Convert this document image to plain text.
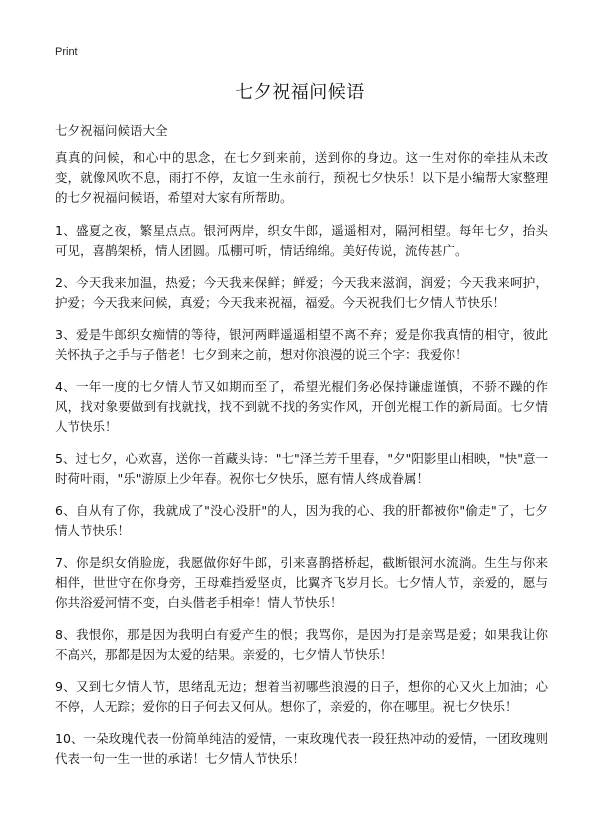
Print
七夕祝福问候语

七夕祝福问候语大全

真真的问候，和心中的思念，在七夕到来前，送到你的身边。这一生对你的牵挂从未改变，就像风吹不息，雨打不停，友谊一生永前行，预祝七夕快乐！以下是小编帮大家整理的七夕祝福问候语，希望对大家有所帮助。

1、盛夏之夜，繁星点点。银河两岸，织女牛郎，遥遥相对，隔河相望。每年七夕，抬头可见，喜鹊架桥，情人团圆。瓜棚可听，情话绵绵。美好传说，流传甚广。

2、今天我来加温，热爱；今天我来保鲜；鲜爱；今天我来滋润，润爱；今天我来呵护，护爱；今天我来问候，真爱；今天我来祝福，福爱。今天祝我们七夕情人节快乐！

3、爱是牛郎织女痴情的等待，银河两畔遥遥相望不离不弃；爱是你我真情的相守，彼此关怀执子之手与子偕老！七夕到来之前，想对你浪漫的说三个字：我爱你！

4、一年一度的七夕情人节又如期而至了，希望光棍们务必保持谦虚谨慎，不骄不躁的作风，找对象要做到有找就找，找不到就不找的务实作风，开创光棍工作的新局面。七夕情人节快乐！

5、过七夕，心欢喜，送你一首藏头诗："七"泽兰芳千里春，"夕"阳影里山相映，"快"意一时荷叶雨，"乐"游原上少年春。祝你七夕快乐，愿有情人终成眷属！

6、自从有了你，我就成了"没心没肝"的人，因为我的心、我的肝都被你"偷走"了，七夕情人节快乐！

7、你是织女俏脸庞，我愿做你好牛郎，引来喜鹊搭桥起，截断银河水流淌。生生与你来相伴，世世守在你身旁，王母难挡爱坚贞，比翼齐飞岁月长。七夕情人节，亲爱的，愿与你共浴爱河情不变，白头偕老手相牵！情人节快乐！

8、我恨你，那是因为我明白有爱产生的恨；我骂你，是因为打是亲骂是爱；如果我让你不高兴，那都是因为太爱的结果。亲爱的，七夕情人节快乐！

9、又到七夕情人节，思绪乱无边；想着当初哪些浪漫的日子，想你的心又火上加油；心不停，人无踪；爱你的日子何去又何从。想你了，亲爱的，你在哪里。祝七夕快乐！

10、一朵玫瑰代表一份简单纯洁的爱情，一束玫瑰代表一段狂热冲动的爱情，一团玫瑰则代表一句一生一世的承诺！七夕情人节快乐！
